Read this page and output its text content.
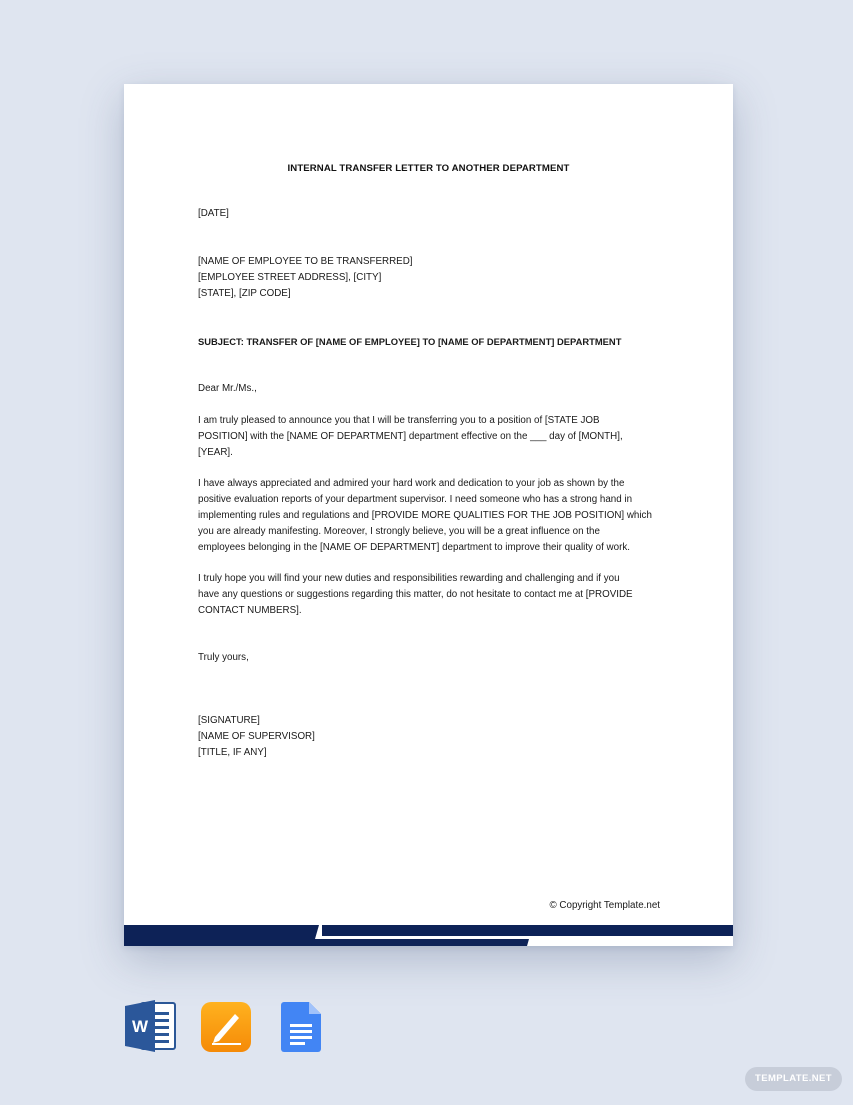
INTERNAL TRANSFER LETTER TO ANOTHER DEPARTMENT
[DATE]
[NAME OF EMPLOYEE TO BE TRANSFERRED]
[EMPLOYEE STREET ADDRESS], [CITY]
[STATE], [ZIP CODE]
SUBJECT: TRANSFER OF [NAME OF EMPLOYEE] TO [NAME OF DEPARTMENT] DEPARTMENT
Dear Mr./Ms.,
I am truly pleased to announce you that I will be transferring you to a position of [STATE JOB
POSITION] with the [NAME OF DEPARTMENT] department effective on the ___ day of [MONTH],
[YEAR].
I have always appreciated and admired your hard work and dedication to your job as shown by the
positive evaluation reports of your department supervisor. I need someone who has a strong hand in
implementing rules and regulations and [PROVIDE MORE QUALITIES FOR THE JOB POSITION] which
you are already manifesting. Moreover, I strongly believe, you will be a great influence on the
employees belonging in the [NAME OF DEPARTMENT] department to improve their quality of work.
I truly hope you will find your new duties and responsibilities rewarding and challenging and if you
have any questions or suggestions regarding this matter, do not hesitate to contact me at [PROVIDE
CONTACT NUMBERS].
Truly yours,
[SIGNATURE]
[NAME OF SUPERVISOR]
[TITLE, IF ANY]
© Copyright Template.net
W
TEMPLATE.NET
